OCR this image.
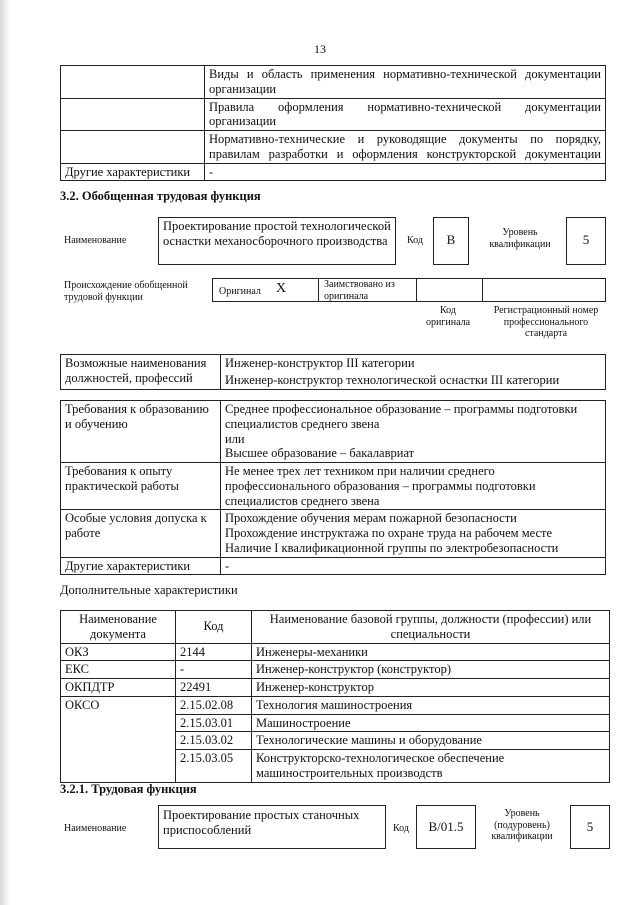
13
	Виды и область применения нормативно-технической документации организации
	Правила оформления нормативно-технической документации организации
	Нормативно-технические и руководящие документы по порядку, правилам разработки и оформления конструкторской документации
Другие характеристики	-
3.2. Обобщенная трудовая функция
Наименование
Проектирование простой технологической оснастки механосборочного производства	Код	В	Уровень квалификации	5
Происхождение обобщенной трудовой функции	Оригинал X	Заимствовано из оригинала
Код оригинала
Регистрационный номер профессионального стандарта
Возможные наименования должностей, профессий	Инженер-конструктор III категории
Инженер-конструктор технологической оснастки III категории
Требования к образованию и обучению	Среднее профессиональное образование – программы подготовки специалистов среднего звена
или
Высшее образование – бакалавриат

Требования к опыту практической работы	Не менее трех лет техником при наличии среднего профессионального образования – программы подготовки специалистов среднего звена

Особые условия допуска к работе	Прохождение обучения мерам пожарной безопасности
Прохождение инструктажа по охране труда на рабочем месте
Наличие I квалификационной группы по электробезопасности

Другие характеристики	-
Дополнительные характеристики
Наименование документа	Код	Наименование базовой группы, должности (профессии) или специальности
ОКЗ	2144	Инженеры-механики
ЕКС	-	Инженер-конструктор (конструктор)
ОКПДТР	22491	Инженер-конструктор
ОКСО	2.15.02.08	Технология машиностроения
	2.15.03.01	Машиностроение
	2.15.03.02	Технологические машины и оборудование
	2.15.03.05	Конструкторско-технологическое обеспечение машиностроительных производств
3.2.1. Трудовая функция
Наименование
Проектирование простых станочных приспособлений	Код	В/01.5
Уровень (подуровень) квалификации
5
